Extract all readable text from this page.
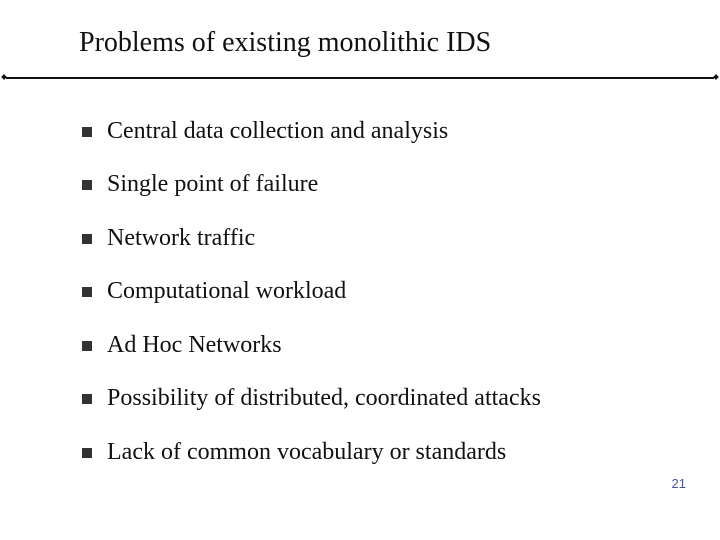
Problems of existing monolithic IDS
Central data collection and analysis
Single point of failure
Network traffic
Computational workload
Ad Hoc Networks
Possibility of distributed, coordinated attacks
Lack of common vocabulary or standards
21
